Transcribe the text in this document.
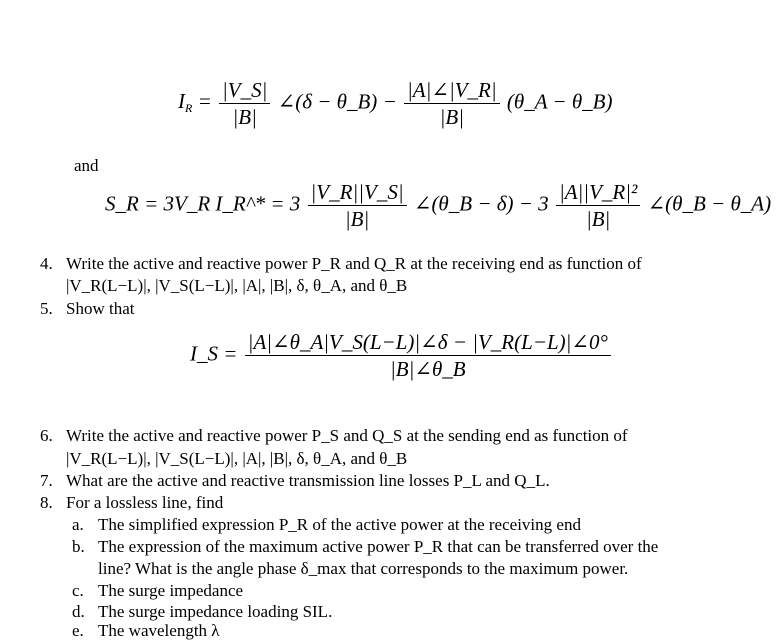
$I_R = \frac{|V\_S|}{|B|}$ ∠(δ − θ_B) − $\frac{|A|\angle|V\_R|}{|B|}$ (θ_A − θ_B)
and
S_R = 3V_R I_R^* = $3 \frac{|V\_R||V\_S|}{|B|}$ ∠(θ_B − $\delta) - 3 \frac{\text{|A||V\_R|²}}{|B|}$ ∠(θ_B − θ_A)
4. Write the active and reactive power P_R and Q_R at the receiving end as function of
|V_R(L−L)|, |V_S(L−L)|, |A|, |B|, δ, θ_A, and θ_B
5. Show that
I_S = $\frac{|A|\angle\theta\_A|V\_S(L-L)|\angle\delta - |V\_R(L-L)|\angle 0^\circ}{|B|\angle\theta\_B}$
6. Write the active and reactive power P_S and Q_S at the sending end as function of
|V_R(L−L)|, |V_S(L−L)|, |A|, |B|, δ, θ_A, and θ_B
7. What are the active and reactive transmission line losses P_L and Q_L.
8. For a lossless line, find
a. The simplified expression P_R of the active power at the receiving end
b. The expression of the maximum active power P_R that can be transferred over the
line? What is the angle phase δ_max that corresponds to the maximum power.
c. The surge impedance
d. The surge impedance loading SIL.
e. The wavelength λ
